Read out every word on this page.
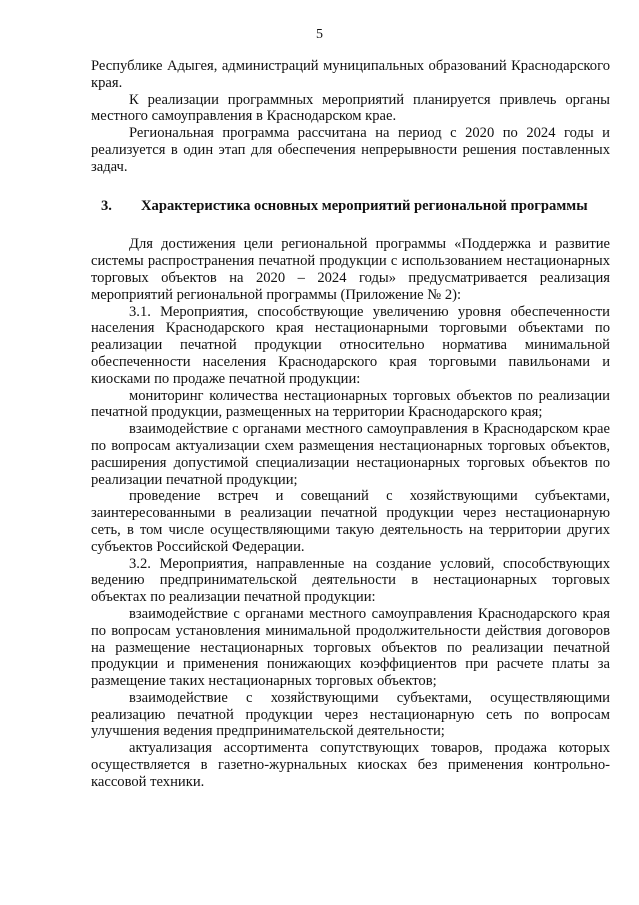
5

Республике Адыгея, администраций муниципальных образований Краснодарского края.

К реализации программных мероприятий планируется привлечь органы местного самоуправления в Краснодарском крае.

Региональная программа рассчитана на период с 2020 по 2024 годы и реализуется в один этап для обеспечения непрерывности решения поставленных задач.

3.	Характеристика основных мероприятий региональной программы

Для достижения цели региональной программы «Поддержка и развитие системы распространения печатной продукции с использованием нестационарных торговых объектов на 2020 – 2024 годы» предусматривается реализация мероприятий региональной программы (Приложение № 2):

3.1. Мероприятия, способствующие увеличению уровня обеспеченности населения Краснодарского края нестационарными торговыми объектами по реализации печатной продукции относительно норматива минимальной обеспеченности населения Краснодарского края торговыми павильонами и киосками по продаже печатной продукции:

мониторинг количества нестационарных торговых объектов по реализации печатной продукции, размещенных на территории Краснодарского края;

взаимодействие с органами местного самоуправления в Краснодарском крае по вопросам актуализации схем размещения нестационарных торговых объектов, расширения допустимой специализации нестационарных торговых объектов по реализации печатной продукции;

проведение встреч и совещаний с хозяйствующими субъектами, заинтересованными в реализации печатной продукции через нестационарную сеть, в том числе осуществляющими такую деятельность на территории других субъектов Российской Федерации.

3.2. Мероприятия, направленные на создание условий, способствующих ведению предпринимательской деятельности в нестационарных торговых объектах по реализации печатной продукции:

взаимодействие с органами местного самоуправления Краснодарского края по вопросам установления минимальной продолжительности действия договоров на размещение нестационарных торговых объектов по реализации печатной продукции и применения понижающих коэффициентов при расчете платы за размещение таких нестационарных торговых объектов;

взаимодействие с хозяйствующими субъектами, осуществляющими реализацию печатной продукции через нестационарную сеть по вопросам улучшения ведения предпринимательской деятельности;

актуализация ассортимента сопутствующих товаров, продажа которых осуществляется в газетно-журнальных киосках без применения контрольно-кассовой техники.
